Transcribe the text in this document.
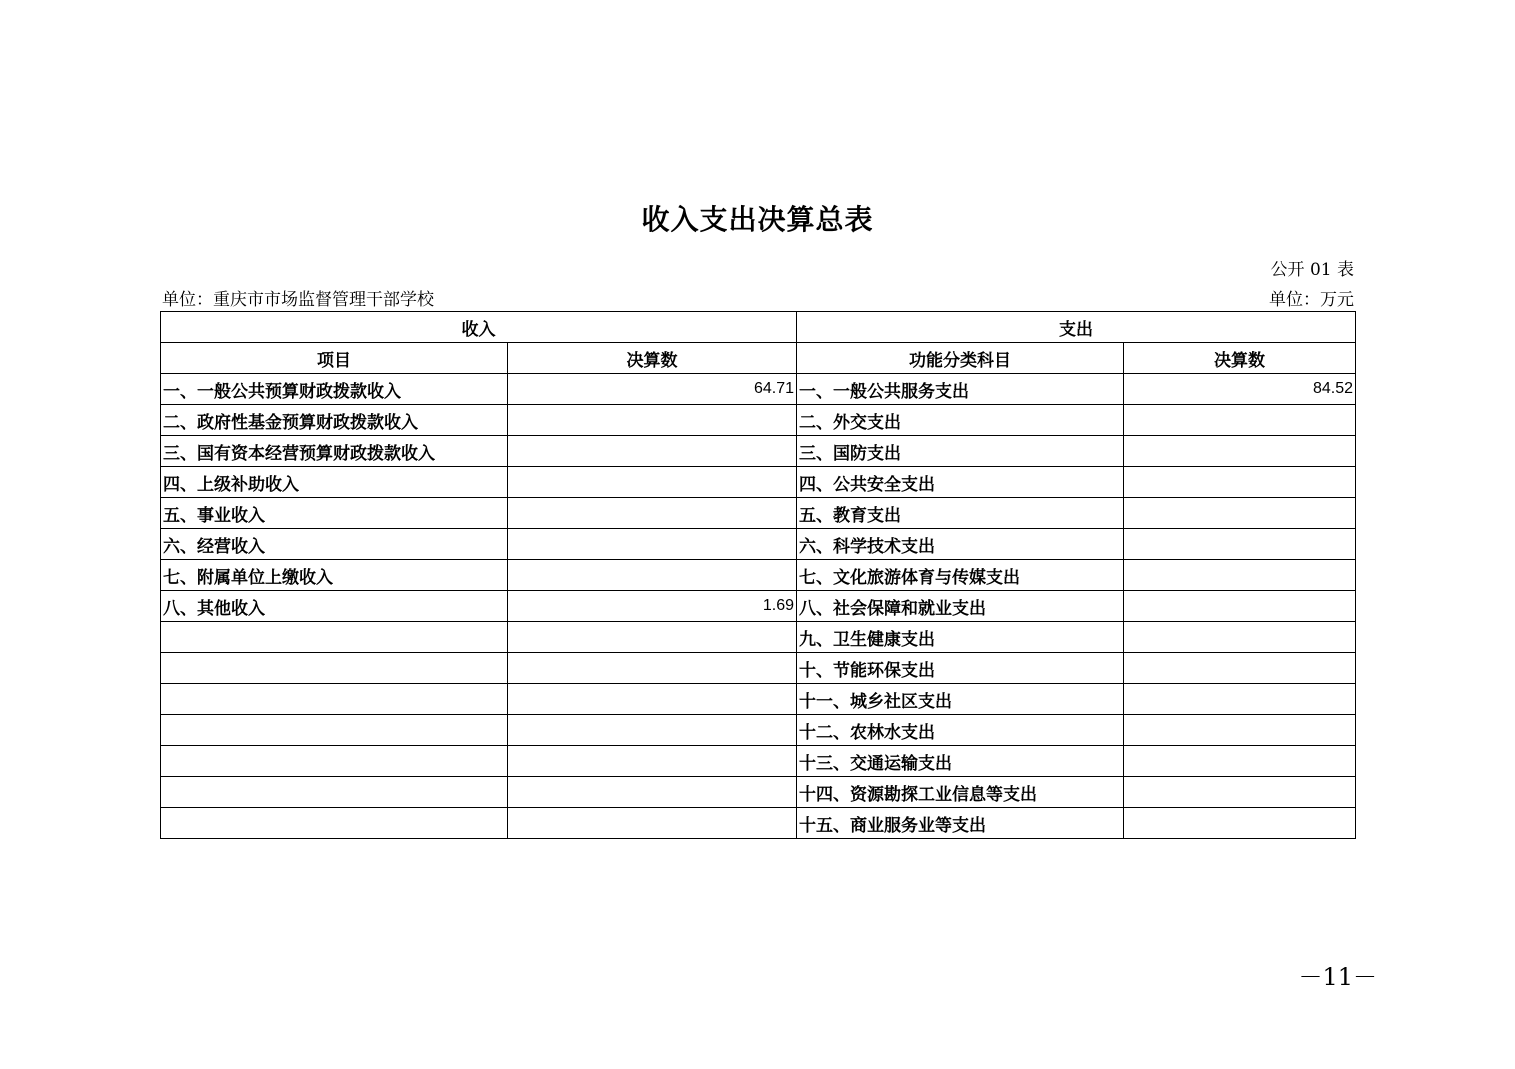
收入支出决算总表
公开 01 表
单位：重庆市市场监督管理干部学校	单位：万元
收入		支出	
项目	决算数	功能分类科目	决算数
一、一般公共预算财政拨款收入	64.71	一、一般公共服务支出	84.52
二、政府性基金预算财政拨款收入		二、外交支出	
三、国有资本经营预算财政拨款收入		三、国防支出	
四、上级补助收入		四、公共安全支出	
五、事业收入		五、教育支出	
六、经营收入		六、科学技术支出	
七、附属单位上缴收入		七、文化旅游体育与传媒支出	
八、其他收入	1.69	八、社会保障和就业支出	
		九、卫生健康支出	
		十、节能环保支出	
		十一、城乡社区支出	
		十二、农林水支出	
		十三、交通运输支出	
		十四、资源勘探工业信息等支出	
		十五、商业服务业等支出	
－11－
